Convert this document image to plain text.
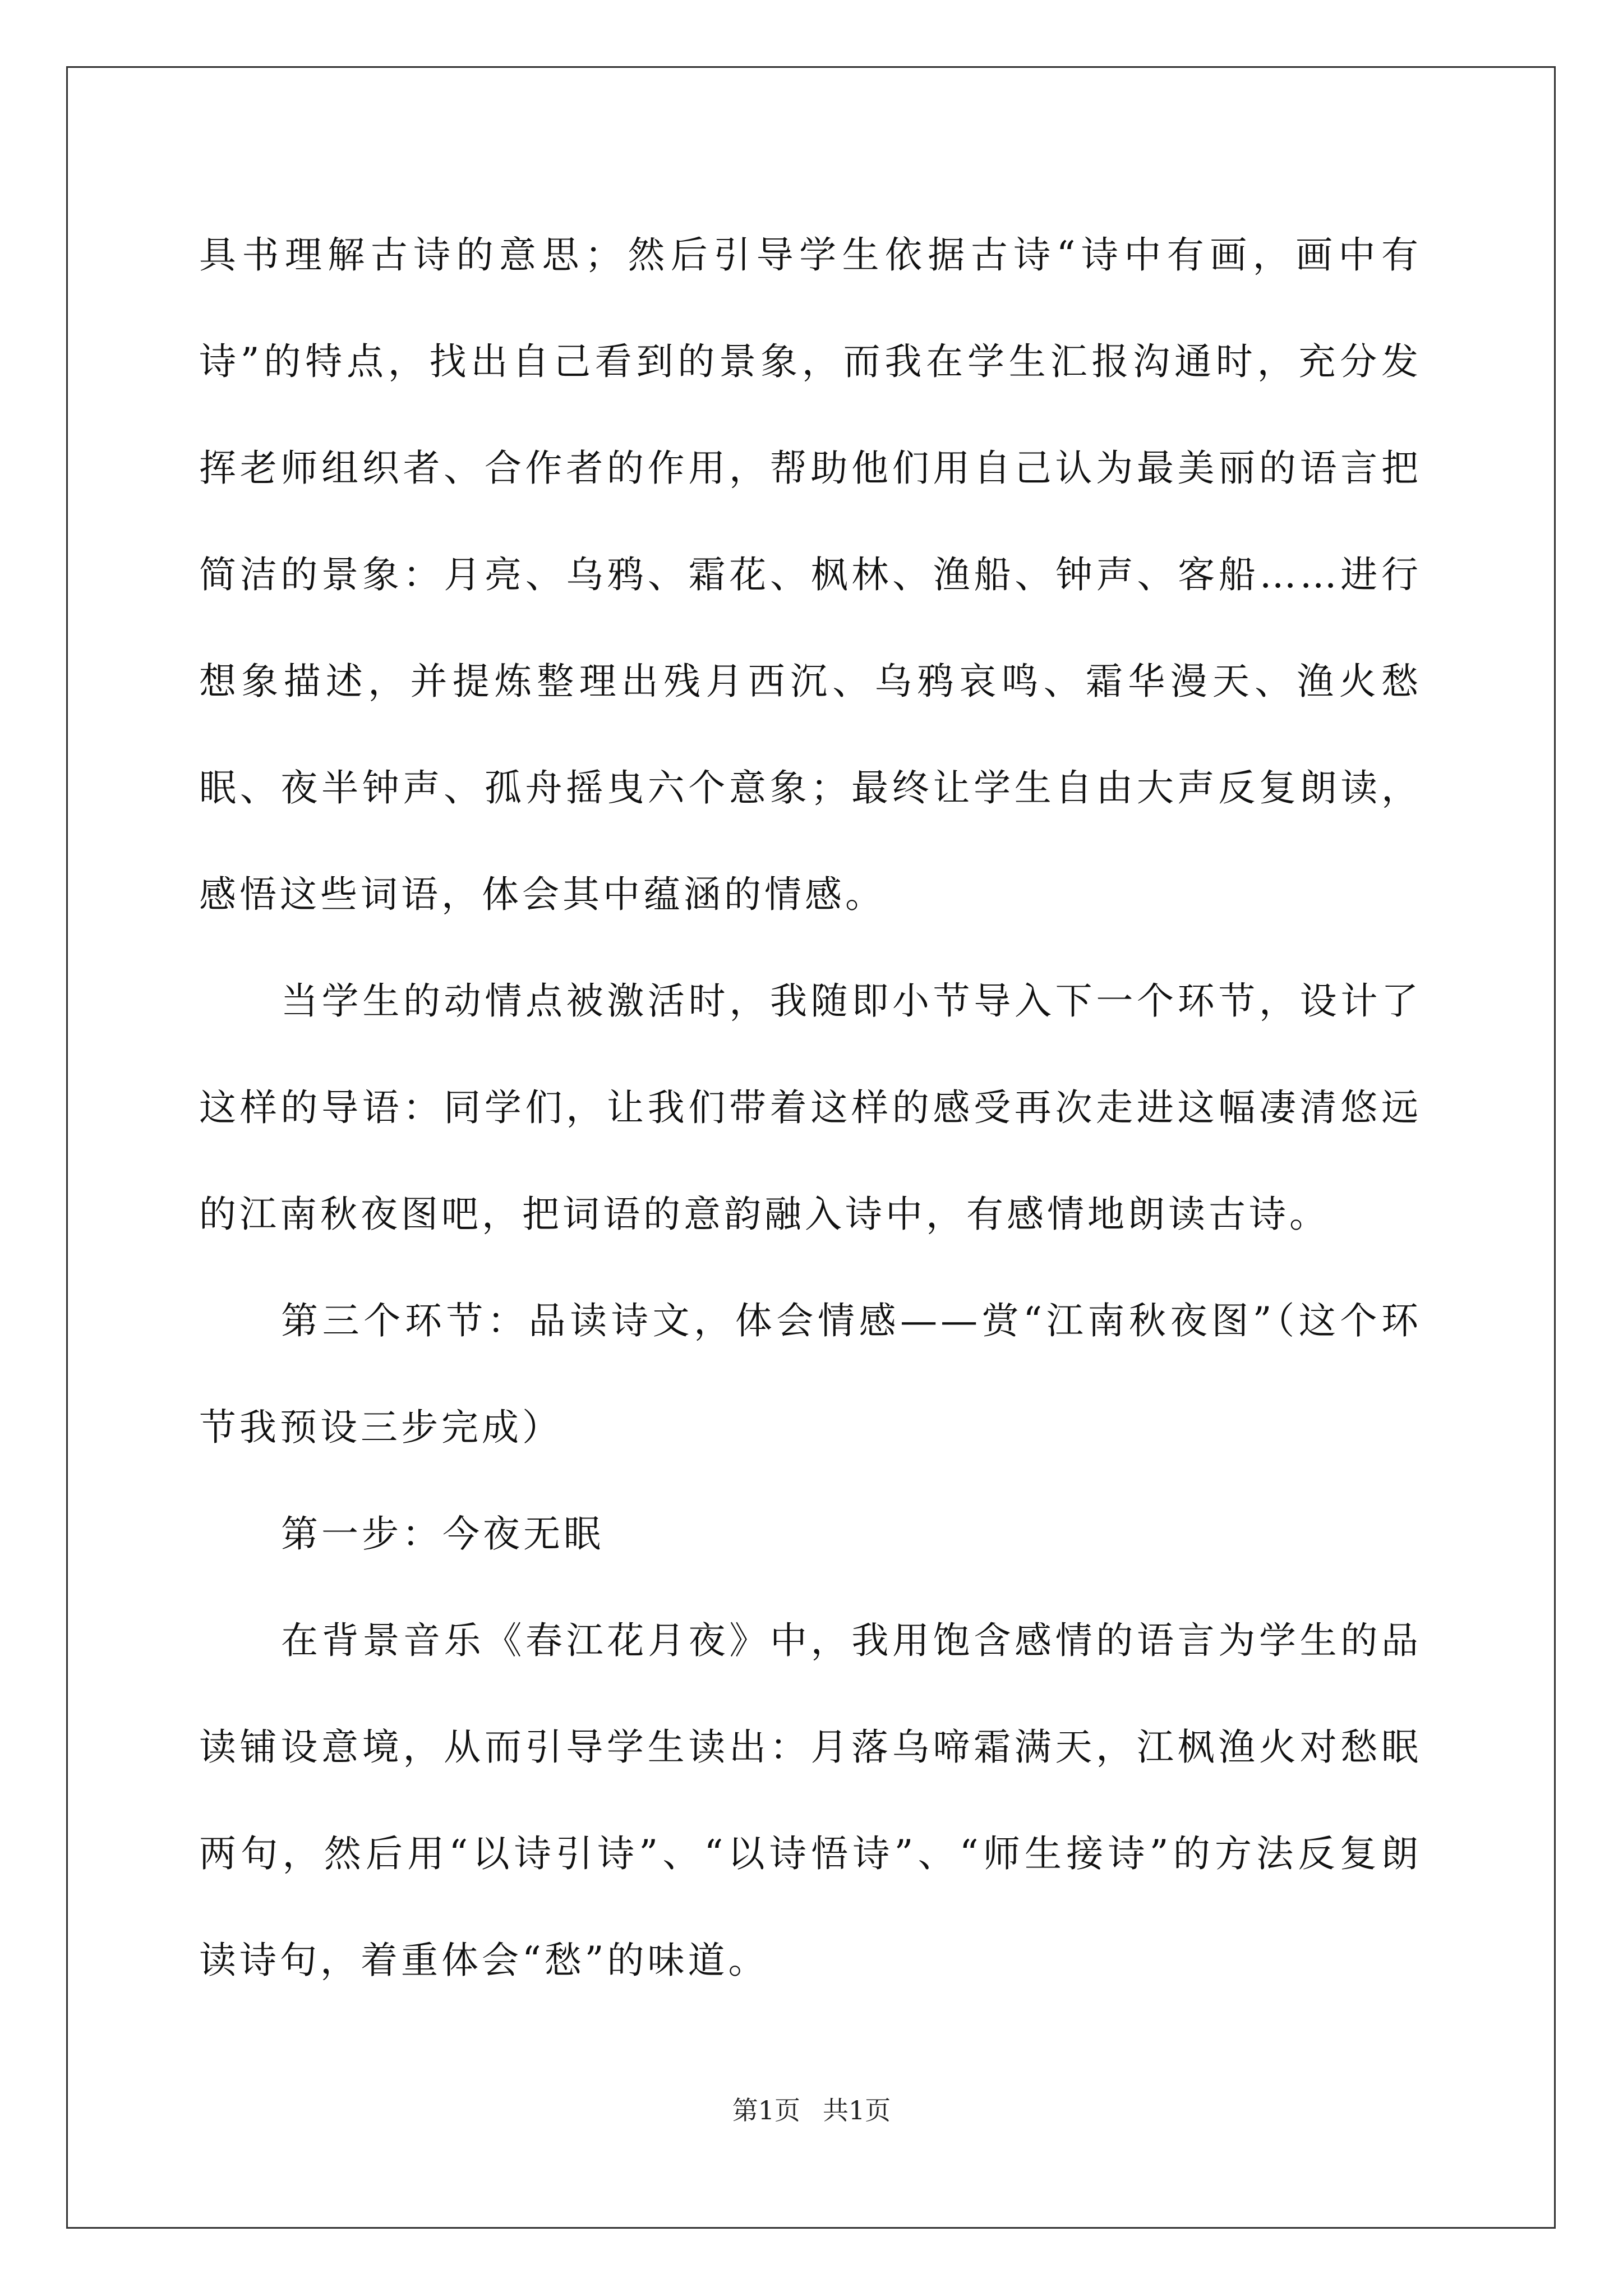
具书理解古诗的意思；然后引导学生依据古诗“诗中有画，画中有诗”的特点，找出自己看到的景象，而我在学生汇报沟通时，充分发挥老师组织者、合作者的作用，帮助他们用自己认为最美丽的语言把简洁的景象：月亮、乌鸦、霜花、枫林、渔船、钟声、客船……进行想象描述，并提炼整理出残月西沉、乌鸦哀鸣、霜华漫天、渔火愁眠、夜半钟声、孤舟摇曳六个意象；最终让学生自由大声反复朗读，感悟这些词语，体会其中蕴涵的情感。

当学生的动情点被激活时，我随即小节导入下一个环节，设计了这样的导语：同学们，让我们带着这样的感受再次走进这幅凄清悠远的江南秋夜图吧，把词语的意韵融入诗中，有感情地朗读古诗。

第三个环节：品读诗文，体会情感——赏“江南秋夜图”（这个环节我预设三步完成）

第一步：今夜无眠

在背景音乐《春江花月夜》中，我用饱含感情的语言为学生的品读铺设意境，从而引导学生读出：月落乌啼霜满天，江枫渔火对愁眠两句，然后用“以诗引诗”、“以诗悟诗”、“师生接诗”的方法反复朗读诗句，着重体会“愁”的味道。

第1页 共1页
